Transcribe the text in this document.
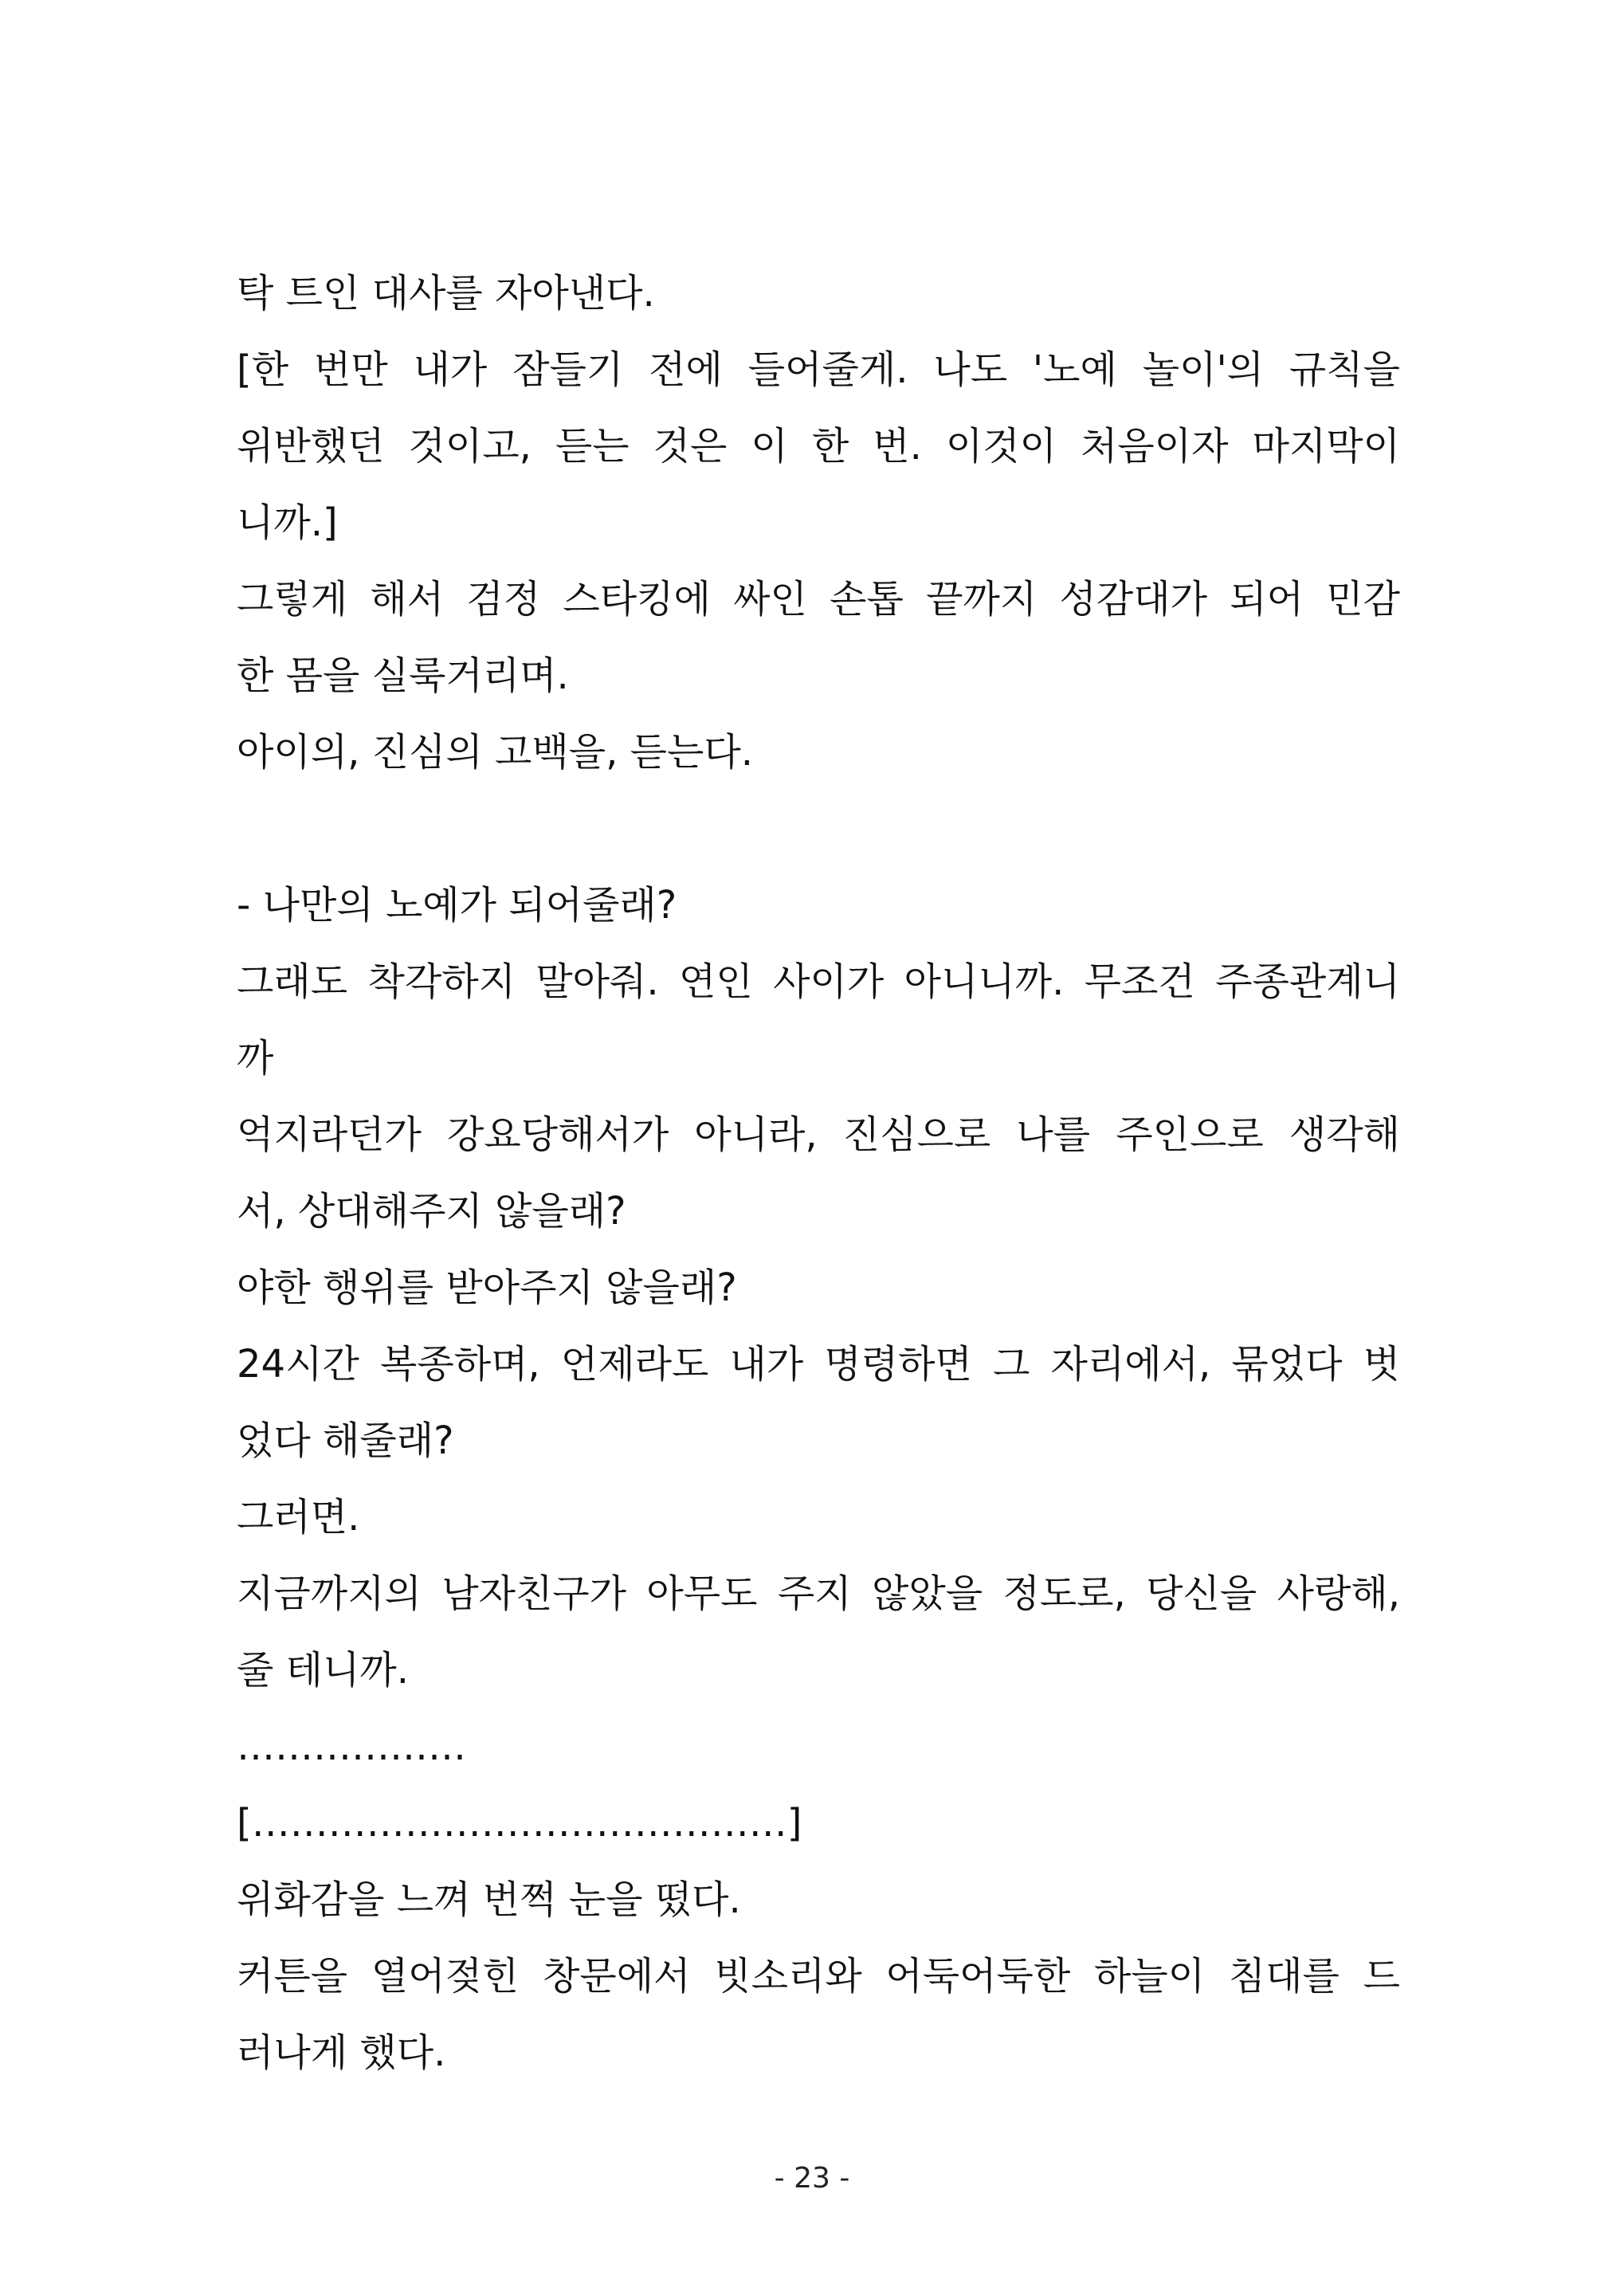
탁 트인 대사를 자아낸다.
[한 번만 내가 잠들기 전에 들어줄게. 나도 '노예 놀이'의 규칙을
위반했던 것이고, 듣는 것은 이 한 번. 이것이 처음이자 마지막이
니까.]
그렇게 해서 검정 스타킹에 싸인 손톱 끝까지 성감대가 되어 민감
한 몸을 실룩거리며.
아이의, 진심의 고백을, 듣는다.
- 나만의 노예가 되어줄래?
그래도 착각하지 말아줘. 연인 사이가 아니니까. 무조건 주종관계니
까
억지라던가 강요당해서가 아니라, 진심으로 나를 주인으로 생각해
서, 상대해주지 않을래?
야한 행위를 받아주지 않을래?
24시간 복종하며, 언제라도 내가 명령하면 그 자리에서, 묶었다 벗
었다 해줄래?
그러면.
지금까지의 남자친구가 아무도 주지 않았을 정도로, 당신을 사랑해,
줄 테니까.
………………
[……………………………………]
위화감을 느껴 번쩍 눈을 떴다.
커튼을 열어젖힌 창문에서 빗소리와 어둑어둑한 하늘이 침대를 드
러나게 했다.
- 23 -
